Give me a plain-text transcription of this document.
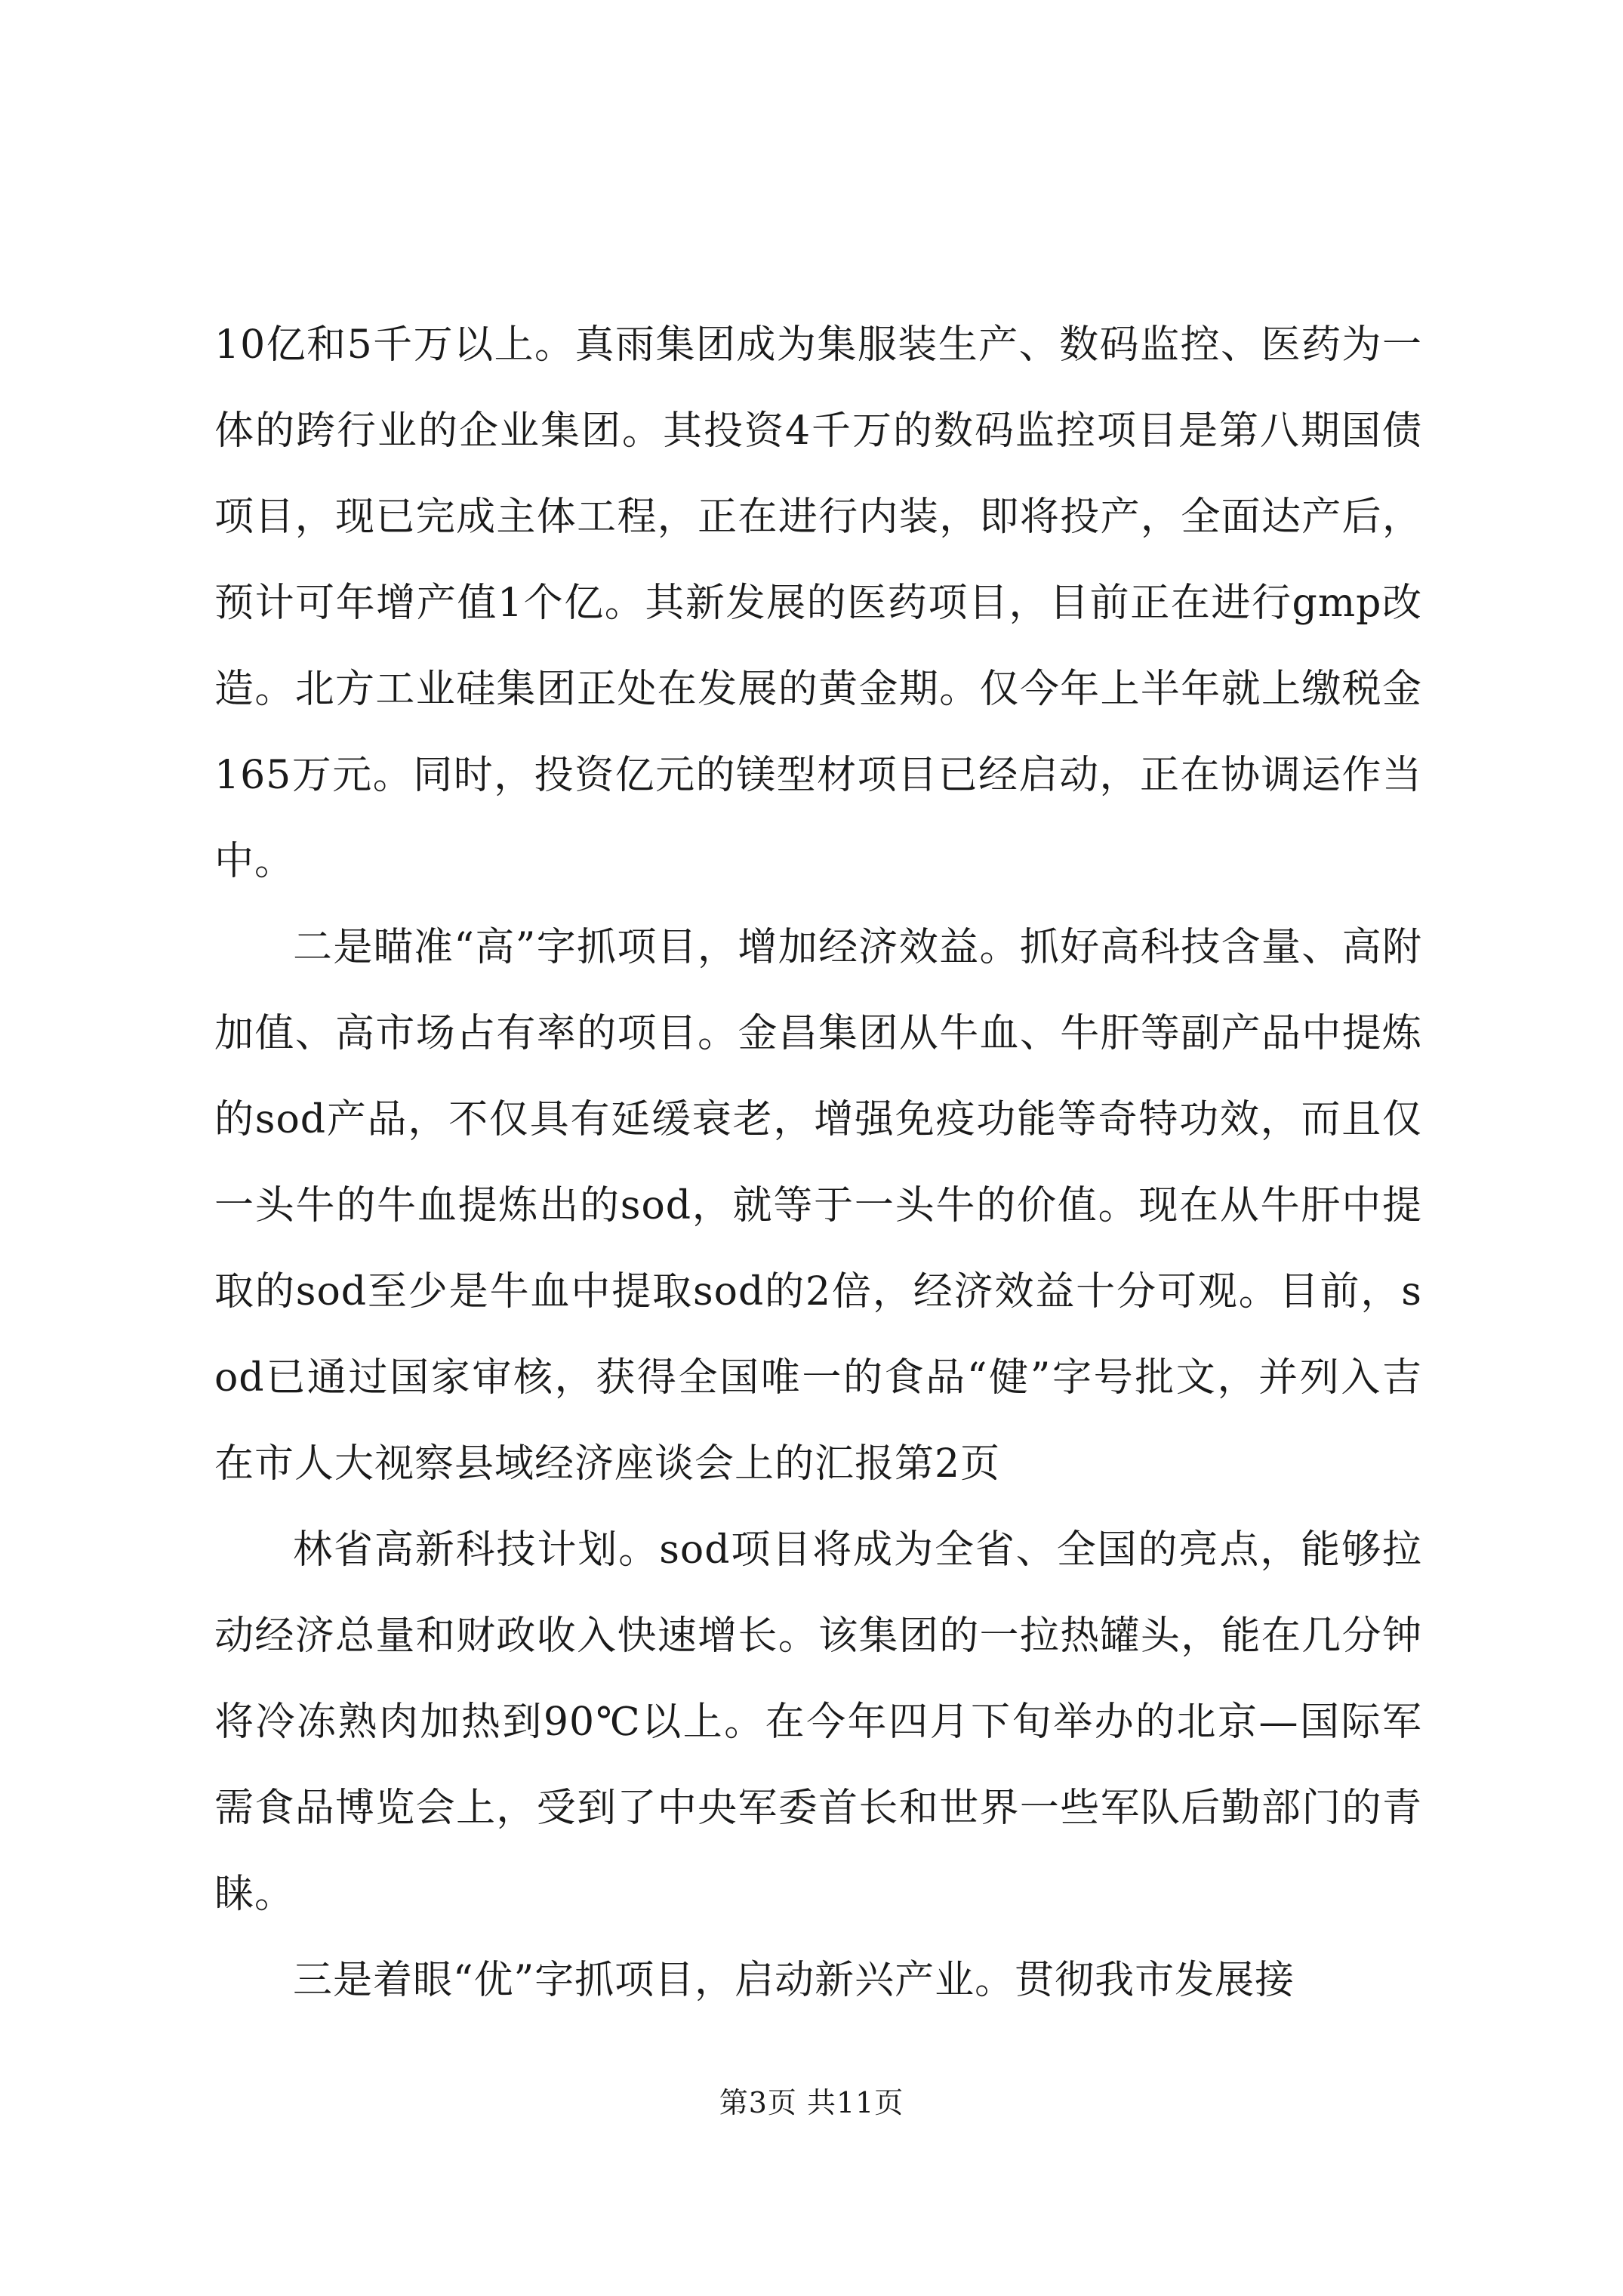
10亿和5千万以上。真雨集团成为集服装生产、数码监控、医药为一体的跨行业的企业集团。其投资4千万的数码监控项目是第八期国债项目，现已完成主体工程，正在进行内装，即将投产，全面达产后，预计可年增产值1个亿。其新发展的医药项目，目前正在进行gmp改造。北方工业硅集团正处在发展的黄金期。仅今年上半年就上缴税金165万元。同时，投资亿元的镁型材项目已经启动，正在协调运作当中。

二是瞄准“高”字抓项目，增加经济效益。抓好高科技含量、高附加值、高市场占有率的项目。金昌集团从牛血、牛肝等副产品中提炼的sod产品，不仅具有延缓衰老，增强免疫功能等奇特功效，而且仅一头牛的牛血提炼出的sod，就等于一头牛的价值。现在从牛肝中提取的sod至少是牛血中提取sod的2倍，经济效益十分可观。目前，sod已通过国家审核，获得全国唯一的食品“健”字号批文，并列入吉在市人大视察县域经济座谈会上的汇报第2页

林省高新科技计划。sod项目将成为全省、全国的亮点，能够拉动经济总量和财政收入快速增长。该集团的一拉热罐头，能在几分钟将冷冻熟肉加热到90℃以上。在今年四月下旬举办的北京—国际军需食品博览会上，受到了中央军委首长和世界一些军队后勤部门的青睐。

三是着眼“优”字抓项目，启动新兴产业。贯彻我市发展接

第3页 共11页
